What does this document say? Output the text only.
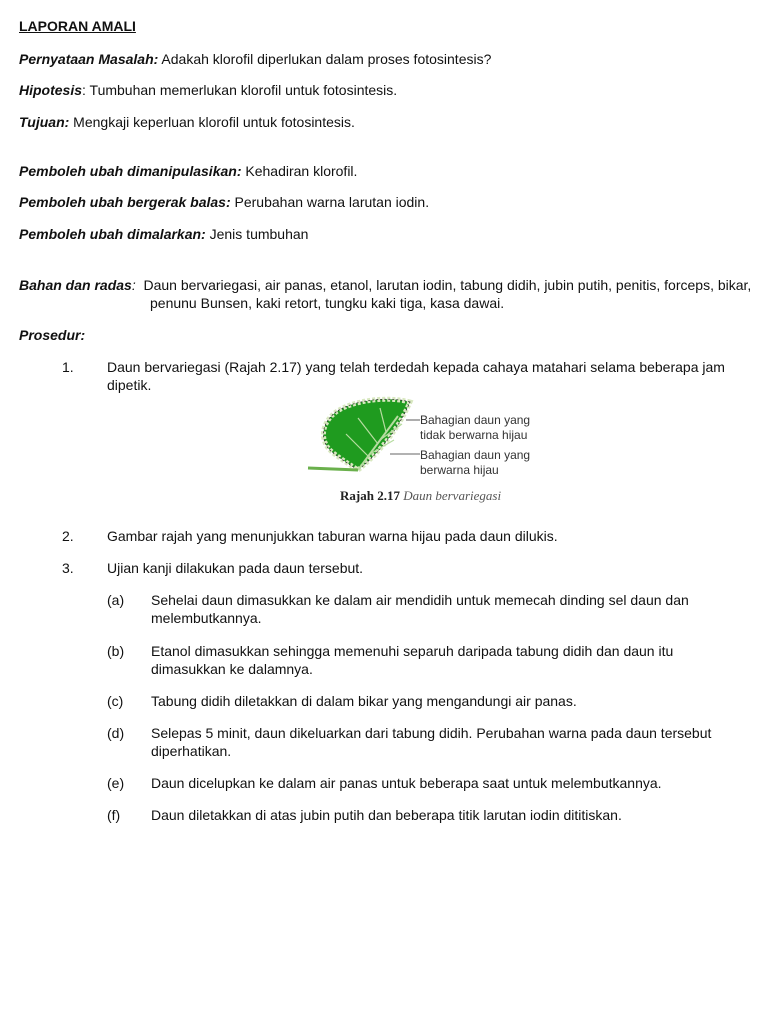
LAPORAN AMALI
Pernyataan Masalah: Adakah klorofil diperlukan dalam proses fotosintesis?
Hipotesis: Tumbuhan memerlukan klorofil untuk fotosintesis.
Tujuan: Mengkaji keperluan klorofil untuk fotosintesis.
Pemboleh ubah dimanipulasikan: Kehadiran klorofil.
Pemboleh ubah bergerak balas: Perubahan warna larutan iodin.
Pemboleh ubah dimalarkan: Jenis tumbuhan
Bahan dan radas:  Daun bervariegasi, air panas, etanol, larutan iodin, tabung didih, jubin putih, penitis, forceps, bikar,
penunu Bunsen, kaki retort, tungku kaki tiga, kasa dawai.
Prosedur:
1. Daun bervariegasi (Rajah 2.17) yang telah terdedah kepada cahaya matahari selama beberapa jam dipetik.
Bahagian daun yang tidak berwarna hijau
Bahagian daun yang berwarna hijau
Rajah 2.17 Daun bervariegasi
2. Gambar rajah yang menunjukkan taburan warna hijau pada daun dilukis.
3. Ujian kanji dilakukan pada daun tersebut.
(a) Sehelai daun dimasukkan ke dalam air mendidih untuk memecah dinding sel daun dan melembutkannya.
(b) Etanol dimasukkan sehingga memenuhi separuh daripada tabung didih dan daun itu dimasukkan ke dalamnya.
(c) Tabung didih diletakkan di dalam bikar yang mengandungi air panas.
(d) Selepas 5 minit, daun dikeluarkan dari tabung didih. Perubahan warna pada daun tersebut diperhatikan.
(e) Daun dicelupkan ke dalam air panas untuk beberapa saat untuk melembutkannya.
(f) Daun diletakkan di atas jubin putih dan beberapa titik larutan iodin dititiskan.
